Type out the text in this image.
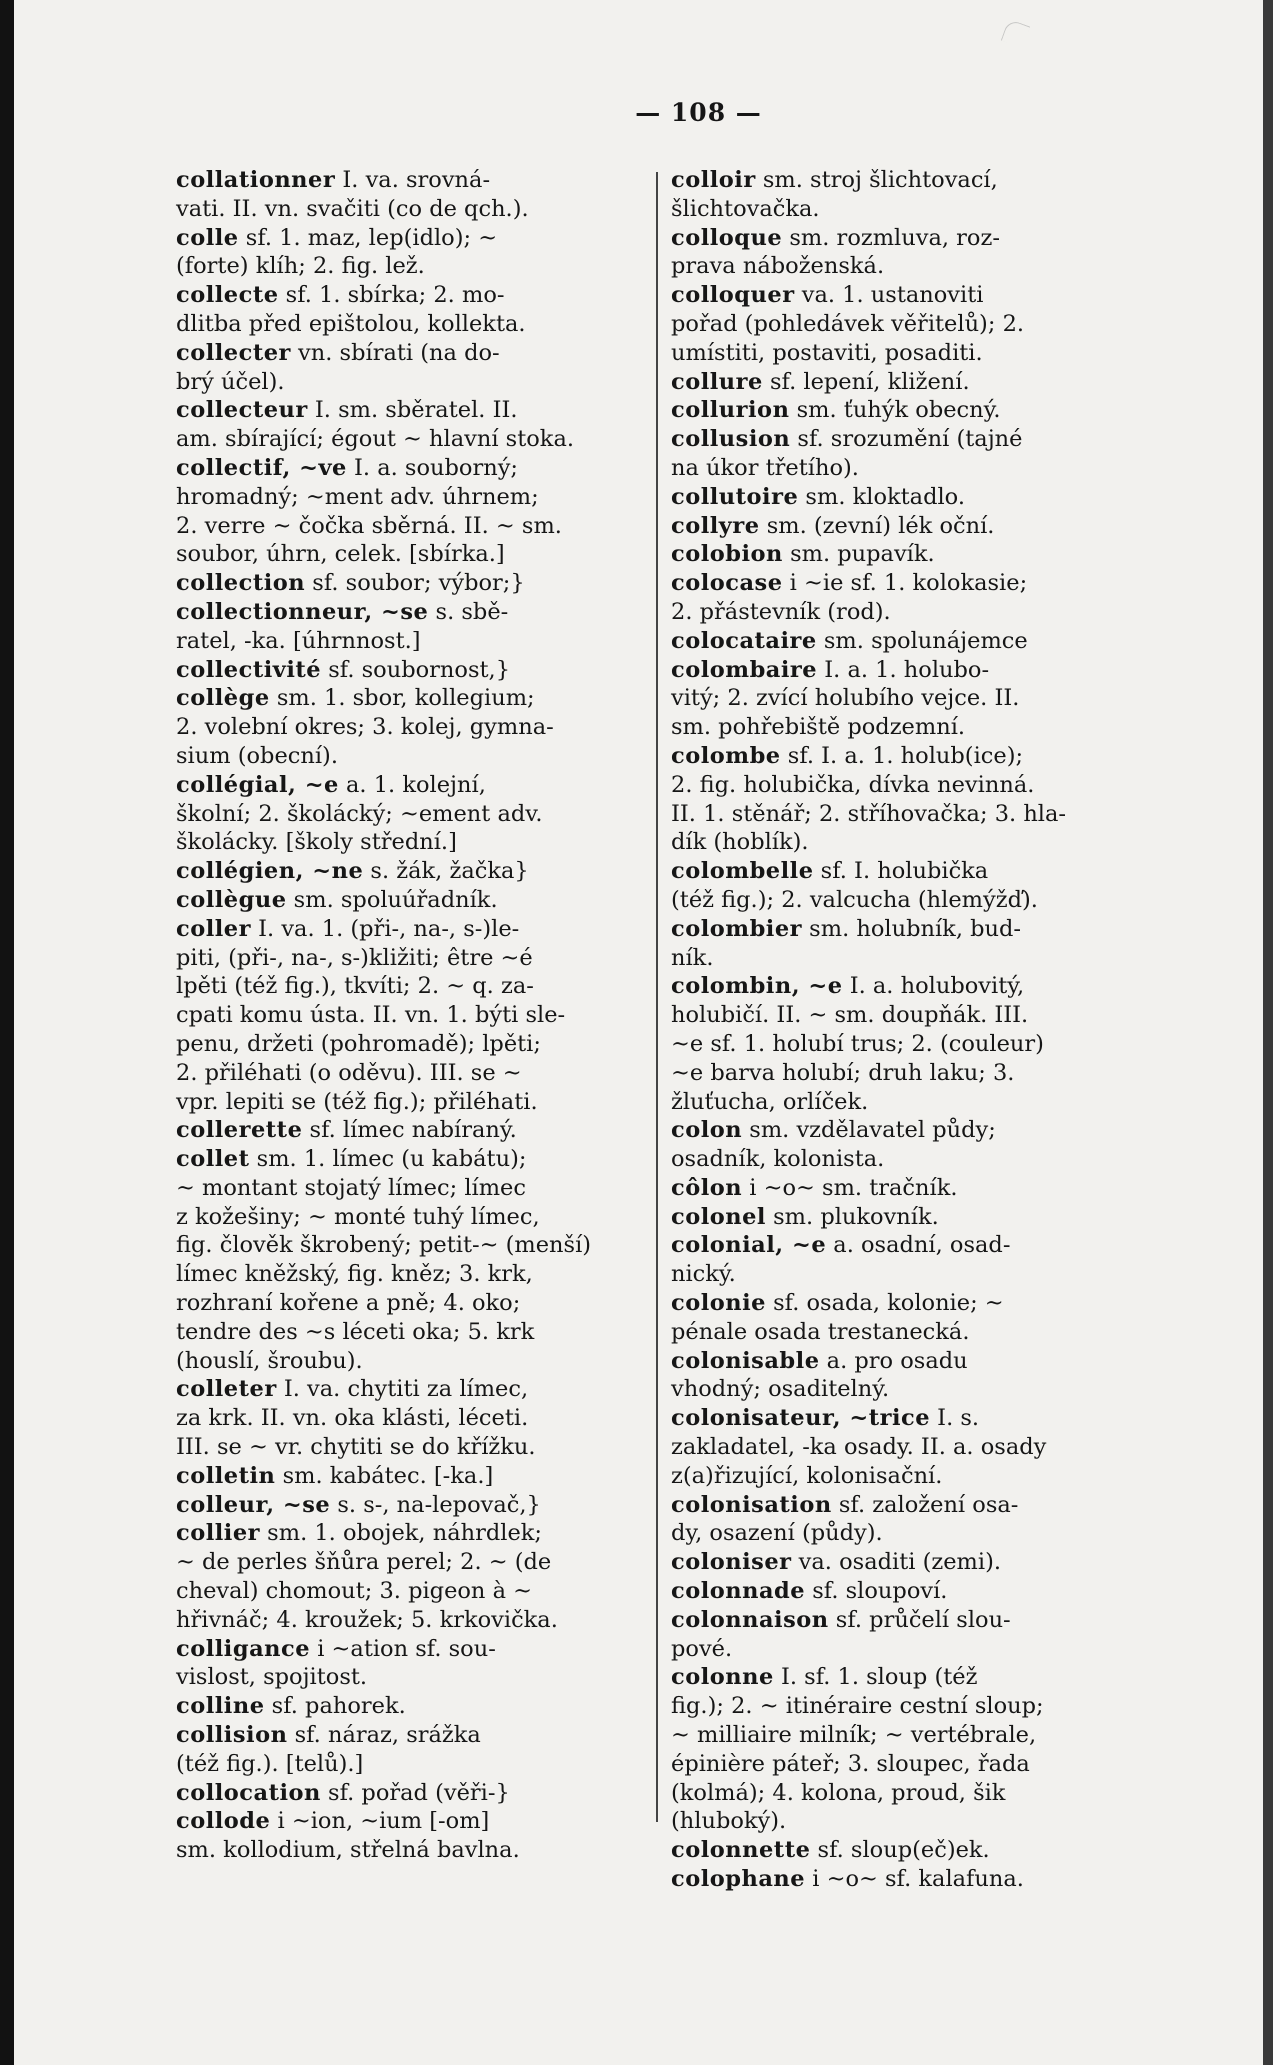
— 108 —
collationner I. va. srovná-
vati. II. vn. svačiti (co de qch.).
colle sf. 1. maz, lep(idlo); ~
(forte) klíh; 2. fig. lež.
collecte sf. 1. sbírka; 2. mo-
dlitba před epištolou, kollekta.
collecter vn. sbírati (na do-
brý účel).
collecteur I. sm. sběratel. II.
am. sbírající; égout ~ hlavní stoka.
collectif, ~ve I. a. souborný;
hromadný; ~ment adv. úhrnem;
2. verre ~ čočka sběrná. II. ~ sm.
soubor, úhrn, celek. [sbírka.]
collection sf. soubor; výbor;}
collectionneur, ~se s. sbě-
ratel, -ka. [úhrnnost.]
collectivité sf. soubornost,}
collège sm. 1. sbor, kollegium;
2. volební okres; 3. kolej, gymna-
sium (obecní).
collégial, ~e a. 1. kolejní,
školní; 2. školácký; ~ement adv.
školácky. [školy střední.]
collégien, ~ne s. žák, žačka}
collègue sm. spoluúřadník.
coller I. va. 1. (při-, na-, s-)le-
piti, (při-, na-, s-)kližiti; être ~é
lpěti (též fig.), tkvíti; 2. ~ q. za-
cpati komu ústa. II. vn. 1. býti sle-
penu, držeti (pohromadě); lpěti;
2. přiléhati (o oděvu). III. se ~
vpr. lepiti se (též fig.); přiléhati.
collerette sf. límec nabíraný.
collet sm. 1. límec (u kabátu);
~ montant stojatý límec; límec
z kožešiny; ~ monté tuhý límec,
fig. člověk škrobený; petit-~ (menší)
límec kněžský, fig. kněz; 3. krk,
rozhraní kořene a pně; 4. oko;
tendre des ~s léceti oka; 5. krk
(houslí, šroubu).
colleter I. va. chytiti za límec,
za krk. II. vn. oka klásti, léceti.
III. se ~ vr. chytiti se do křížku.
colletin sm. kabátec. [-ka.]
colleur, ~se s. s-, na-lepovač,}
collier sm. 1. obojek, náhrdlek;
~ de perles šňůra perel; 2. ~ (de
cheval) chomout; 3. pigeon à ~
hřivnáč; 4. kroužek; 5. krkovička.
colligance i ~ation sf. sou-
vislost, spojitost.
colline sf. pahorek.
collision sf. náraz, srážka
(též fig.). [telů).]
collocation sf. pořad (věři-}
collode i ~ion, ~ium [-om]
sm. kollodium, střelná bavlna.
colloir sm. stroj šlichtovací,
šlichtovačka.
colloque sm. rozmluva, roz-
prava náboženská.
colloquer va. 1. ustanoviti
pořad (pohledávek věřitelů); 2.
umístiti, postaviti, posaditi.
collure sf. lepení, kližení.
collurion sm. ťuhýk obecný.
collusion sf. srozumění (tajné
na úkor třetího).
collutoire sm. kloktadlo.
collyre sm. (zevní) lék oční.
colobion sm. pupavík.
colocase i ~ie sf. 1. kolokasie;
2. přástevník (rod).
colocataire sm. spolunájemce
colombaire I. a. 1. holubo-
vitý; 2. zvící holubího vejce. II.
sm. pohřebiště podzemní.
colombe sf. I. a. 1. holub(ice);
2. fig. holubička, dívka nevinná.
II. 1. stěnář; 2. stříhovačka; 3. hla-
dík (hoblík).
colombelle sf. I. holubička
(též fig.); 2. valcucha (hlemýžď).
colombier sm. holubník, bud-
ník.
colombin, ~e I. a. holubovitý,
holubičí. II. ~ sm. doupňák. III.
~e sf. 1. holubí trus; 2. (couleur)
~e barva holubí; druh laku; 3.
žluťucha, orlíček.
colon sm. vzdělavatel půdy;
osadník, kolonista.
côlon i ~o~ sm. tračník.
colonel sm. plukovník.
colonial, ~e a. osadní, osad-
nický.
colonie sf. osada, kolonie; ~
pénale osada trestanecká.
colonisable a. pro osadu
vhodný; osaditelný.
colonisateur, ~trice I. s.
zakladatel, -ka osady. II. a. osady
z(a)řizující, kolonisační.
colonisation sf. založení osa-
dy, osazení (půdy).
coloniser va. osaditi (zemi).
colonnade sf. sloupoví.
colonnaison sf. průčelí slou-
pové.
colonne I. sf. 1. sloup (též
fig.); 2. ~ itinéraire cestní sloup;
~ milliaire milník; ~ vertébrale,
épinière páteř; 3. sloupec, řada
(kolmá); 4. kolona, proud, šik
(hluboký).
colonnette sf. sloup(eč)ek.
colophane i ~o~ sf. kalafuna.
